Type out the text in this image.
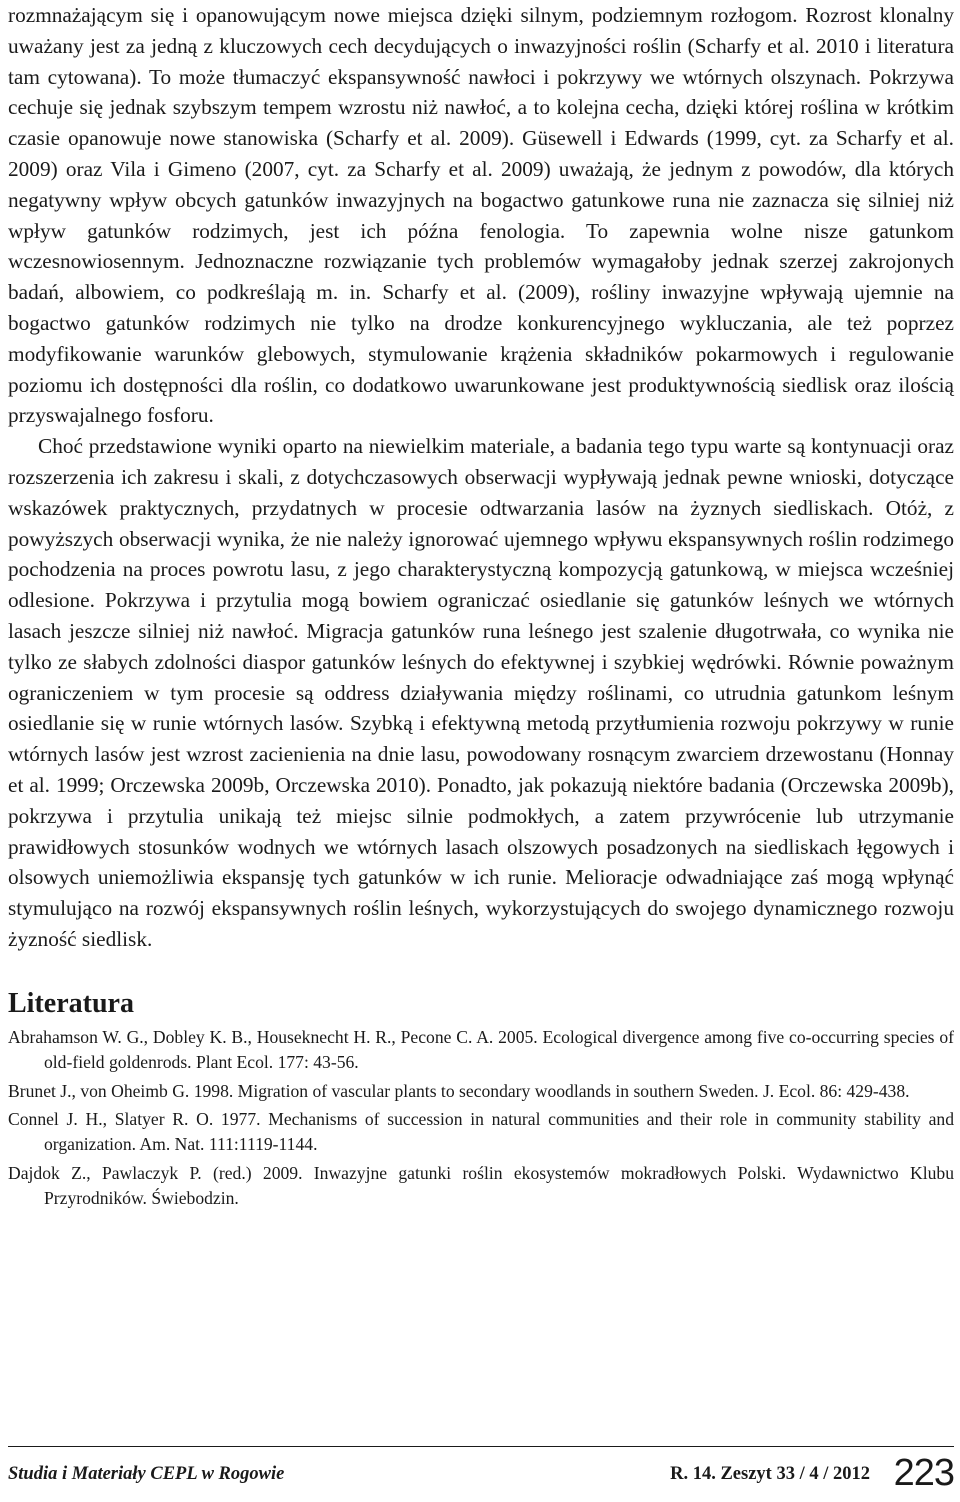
rozmnażającym się i opanowującym nowe miejsca dzięki silnym, podziemnym rozłogom. Rozrost klonalny uważany jest za jedną z kluczowych cech decydujących o inwazyjności roślin (Scharfy et al. 2010 i literatura tam cytowana). To może tłumaczyć ekspansywność nawłoci i pokrzywy we wtórnych olszynach. Pokrzywa cechuje się jednak szybszym tempem wzrostu niż nawłoć, a to kolejna cecha, dzięki której roślina w krótkim czasie opanowuje nowe stanowiska (Scharfy et al. 2009). Güsewell i Edwards (1999, cyt. za Scharfy et al. 2009) oraz Vila i Gimeno (2007, cyt. za Scharfy et al. 2009) uważają, że jednym z powodów, dla których negatywny wpływ obcych gatunków inwazyjnych na bogactwo gatunkowe runa nie zaznacza się silniej niż wpływ gatunków rodzimych, jest ich późna fenologia. To zapewnia wolne nisze gatunkom wczesnowiosennym. Jednoznaczne rozwiązanie tych problemów wymagałoby jednak szerzej zakrojonych badań, albowiem, co podkreślają m. in. Scharfy et al. (2009), rośliny inwazyjne wpływają ujemnie na bogactwo gatunków rodzimych nie tylko na drodze konkurencyjnego wykluczania, ale też poprzez modyfikowanie warunków glebowych, stymulowanie krążenia składników pokarmowych i regulowanie poziomu ich dostępności dla roślin, co dodatkowo uwarunkowane jest produktywnością siedlisk oraz ilością przyswajalnego fosforu.

Choć przedstawione wyniki oparto na niewielkim materiale, a badania tego typu warte są kontynuacji oraz rozszerzenia ich zakresu i skali, z dotychczasowych obserwacji wypływają jednak pewne wnioski, dotyczące wskazówek praktycznych, przydatnych w procesie odtwarzania lasów na żyznych siedliskach. Otóż, z powyższych obserwacji wynika, że nie należy ignorować ujemnego wpływu ekspansywnych roślin rodzimego pochodzenia na proces powrotu lasu, z jego charakterystyczną kompozycją gatunkową, w miejsca wcześniej odlesione. Pokrzywa i przytulia mogą bowiem ograniczać osiedlanie się gatunków leśnych we wtórnych lasach jeszcze silniej niż nawłoć. Migracja gatunków runa leśnego jest szalenie długotrwała, co wynika nie tylko ze słabych zdolności diaspor gatunków leśnych do efektywnej i szybkiej wędrówki. Równie poważnym ograniczeniem w tym procesie są oddress działywania między roślinami, co utrudnia gatunkom leśnym osiedlanie się w runie wtórnych lasów. Szybką i efektywną metodą przytłumienia rozwoju pokrzywy w runie wtórnych lasów jest wzrost zacienienia na dnie lasu, powodowany rosnącym zwarciem drzewostanu (Honnay et al. 1999; Orczewska 2009b, Orczewska 2010). Ponadto, jak pokazują niektóre badania (Orczewska 2009b), pokrzywa i przytulia unikają też miejsc silnie podmokłych, a zatem przywrócenie lub utrzymanie prawidłowych stosunków wodnych we wtórnych lasach olszowych posadzonych na siedliskach łęgowych i olsowych uniemożliwia ekspansję tych gatunków w ich runie. Melioracje odwadniające zaś mogą wpłynąć stymulująco na rozwój ekspansywnych roślin leśnych, wykorzystujących do swojego dynamicznego rozwoju żyzność siedlisk.

Literatura
Abrahamson W. G., Dobley K. B., Houseknecht H. R., Pecone C. A. 2005. Ecological divergence among five co-occurring species of old-field goldenrods. Plant Ecol. 177: 43-56.
Brunet J., von Oheimb G. 1998. Migration of vascular plants to secondary woodlands in southern Sweden. J. Ecol. 86: 429-438.
Connel J. H., Slatyer R. O. 1977. Mechanisms of succession in natural communities and their role in community stability and organization. Am. Nat. 111:1119-1144.
Dajdok Z., Pawlaczyk P. (red.) 2009. Inwazyjne gatunki roślin ekosystemów mokradłowych Polski. Wydawnictwo Klubu Przyrodników. Świebodzin.
Studia i Materiały CEPL w Rogowie	R. 14. Zeszyt 33 / 4 / 2012 223
